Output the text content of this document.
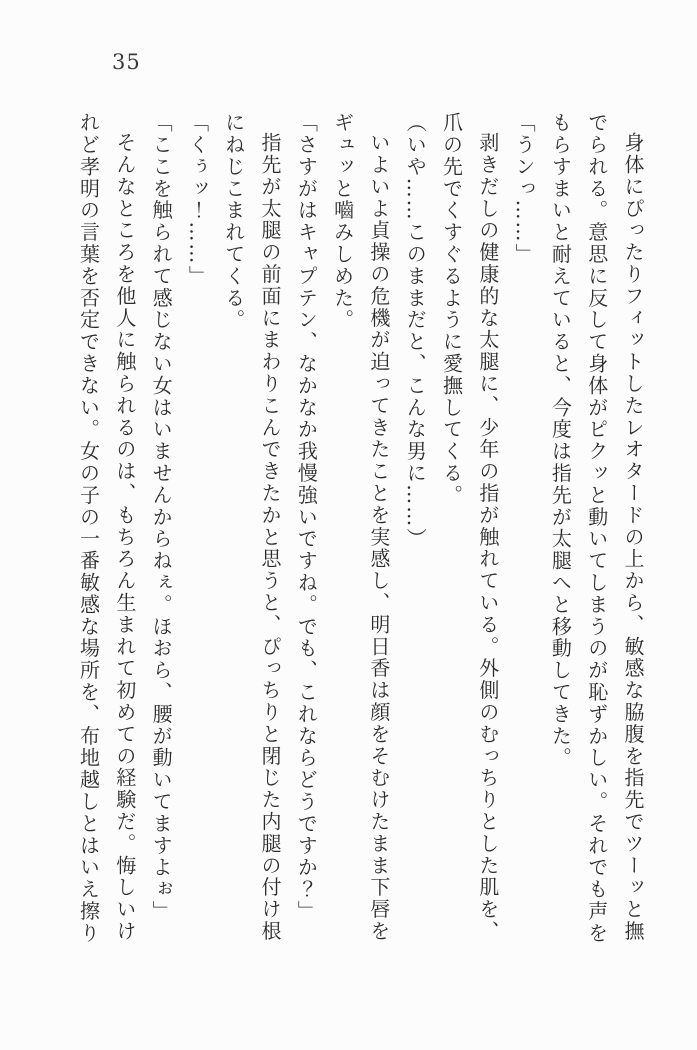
35
身体にぴったりフィットしたレオタードの上から、敏感な脇腹を指先でツーッと撫
でられる。意思に反して身体がピクッと動いてしまうのが恥ずかしい。それでも声を
もらすまいと耐えていると、今度は指先が太腿へと移動してきた。
「うンっ……」
剥きだしの健康的な太腿に、少年の指が触れている。外側のむっちりとした肌を、
爪の先でくすぐるように愛撫してくる。
（いや……このままだと、こんな男に……）
いよいよ貞操の危機が迫ってきたことを実感し、明日香は顔をそむけたまま下唇を
ギュッと嚙みしめた。
「さすがはキャプテン、なかなか我慢強いですね。でも、これならどうですか？」
指先が太腿の前面にまわりこんできたかと思うと、ぴっちりと閉じた内腿の付け根
にねじこまれてくる。
「くぅッ！……」
「ここを触られて感じない女はいませんからねぇ。ほおら、腰が動いてますよぉ」
そんなところを他人に触られるのは、もちろん生まれて初めての経験だ。悔しいけ
れど孝明の言葉を否定できない。女の子の一番敏感な場所を、布地越しとはいえ擦り
